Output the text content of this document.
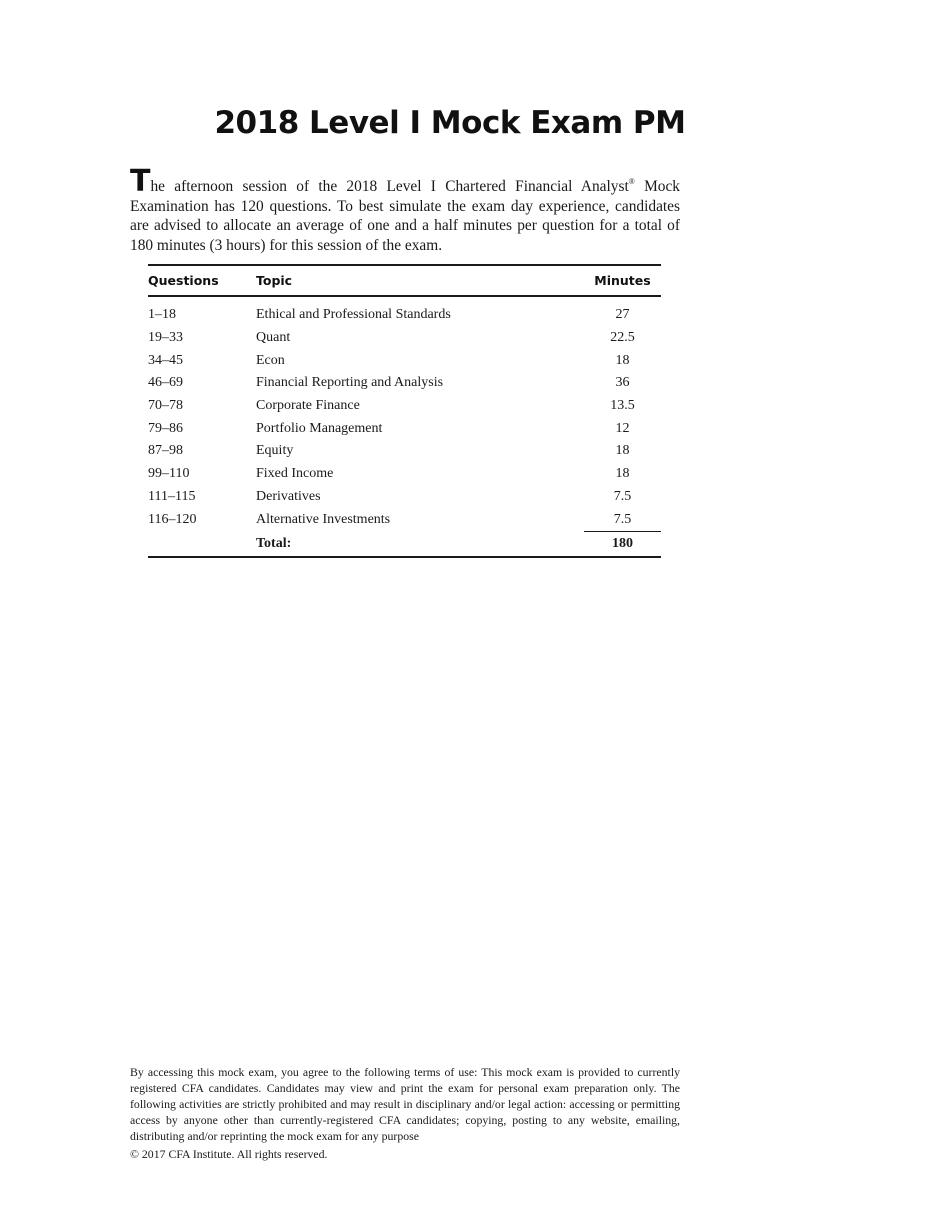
2018 Level I Mock Exam PM

The afternoon session of the 2018 Level I Chartered Financial Analyst® Mock Examination has 120 questions. To best simulate the exam day experience, candidates are advised to allocate an average of one and a half minutes per question for a total of 180 minutes (3 hours) for this session of the exam.

Questions	Topic	Minutes
1–18	Ethical and Professional Standards	27
19–33	Quant	22.5
34–45	Econ	18
46–69	Financial Reporting and Analysis	36
70–78	Corporate Finance	13.5
79–86	Portfolio Management	12
87–98	Equity	18
99–110	Fixed Income	18
111–115	Derivatives	7.5
116–120	Alternative Investments	7.5
	Total:	180

By accessing this mock exam, you agree to the following terms of use: This mock exam is provided to currently registered CFA candidates. Candidates may view and print the exam for personal exam preparation only. The following activities are strictly prohibited and may result in disciplinary and/or legal action: accessing or permitting access by anyone other than currently-registered CFA candidates; copying, posting to any website, emailing, distributing and/or reprinting the mock exam for any purpose

© 2017 CFA Institute. All rights reserved.
